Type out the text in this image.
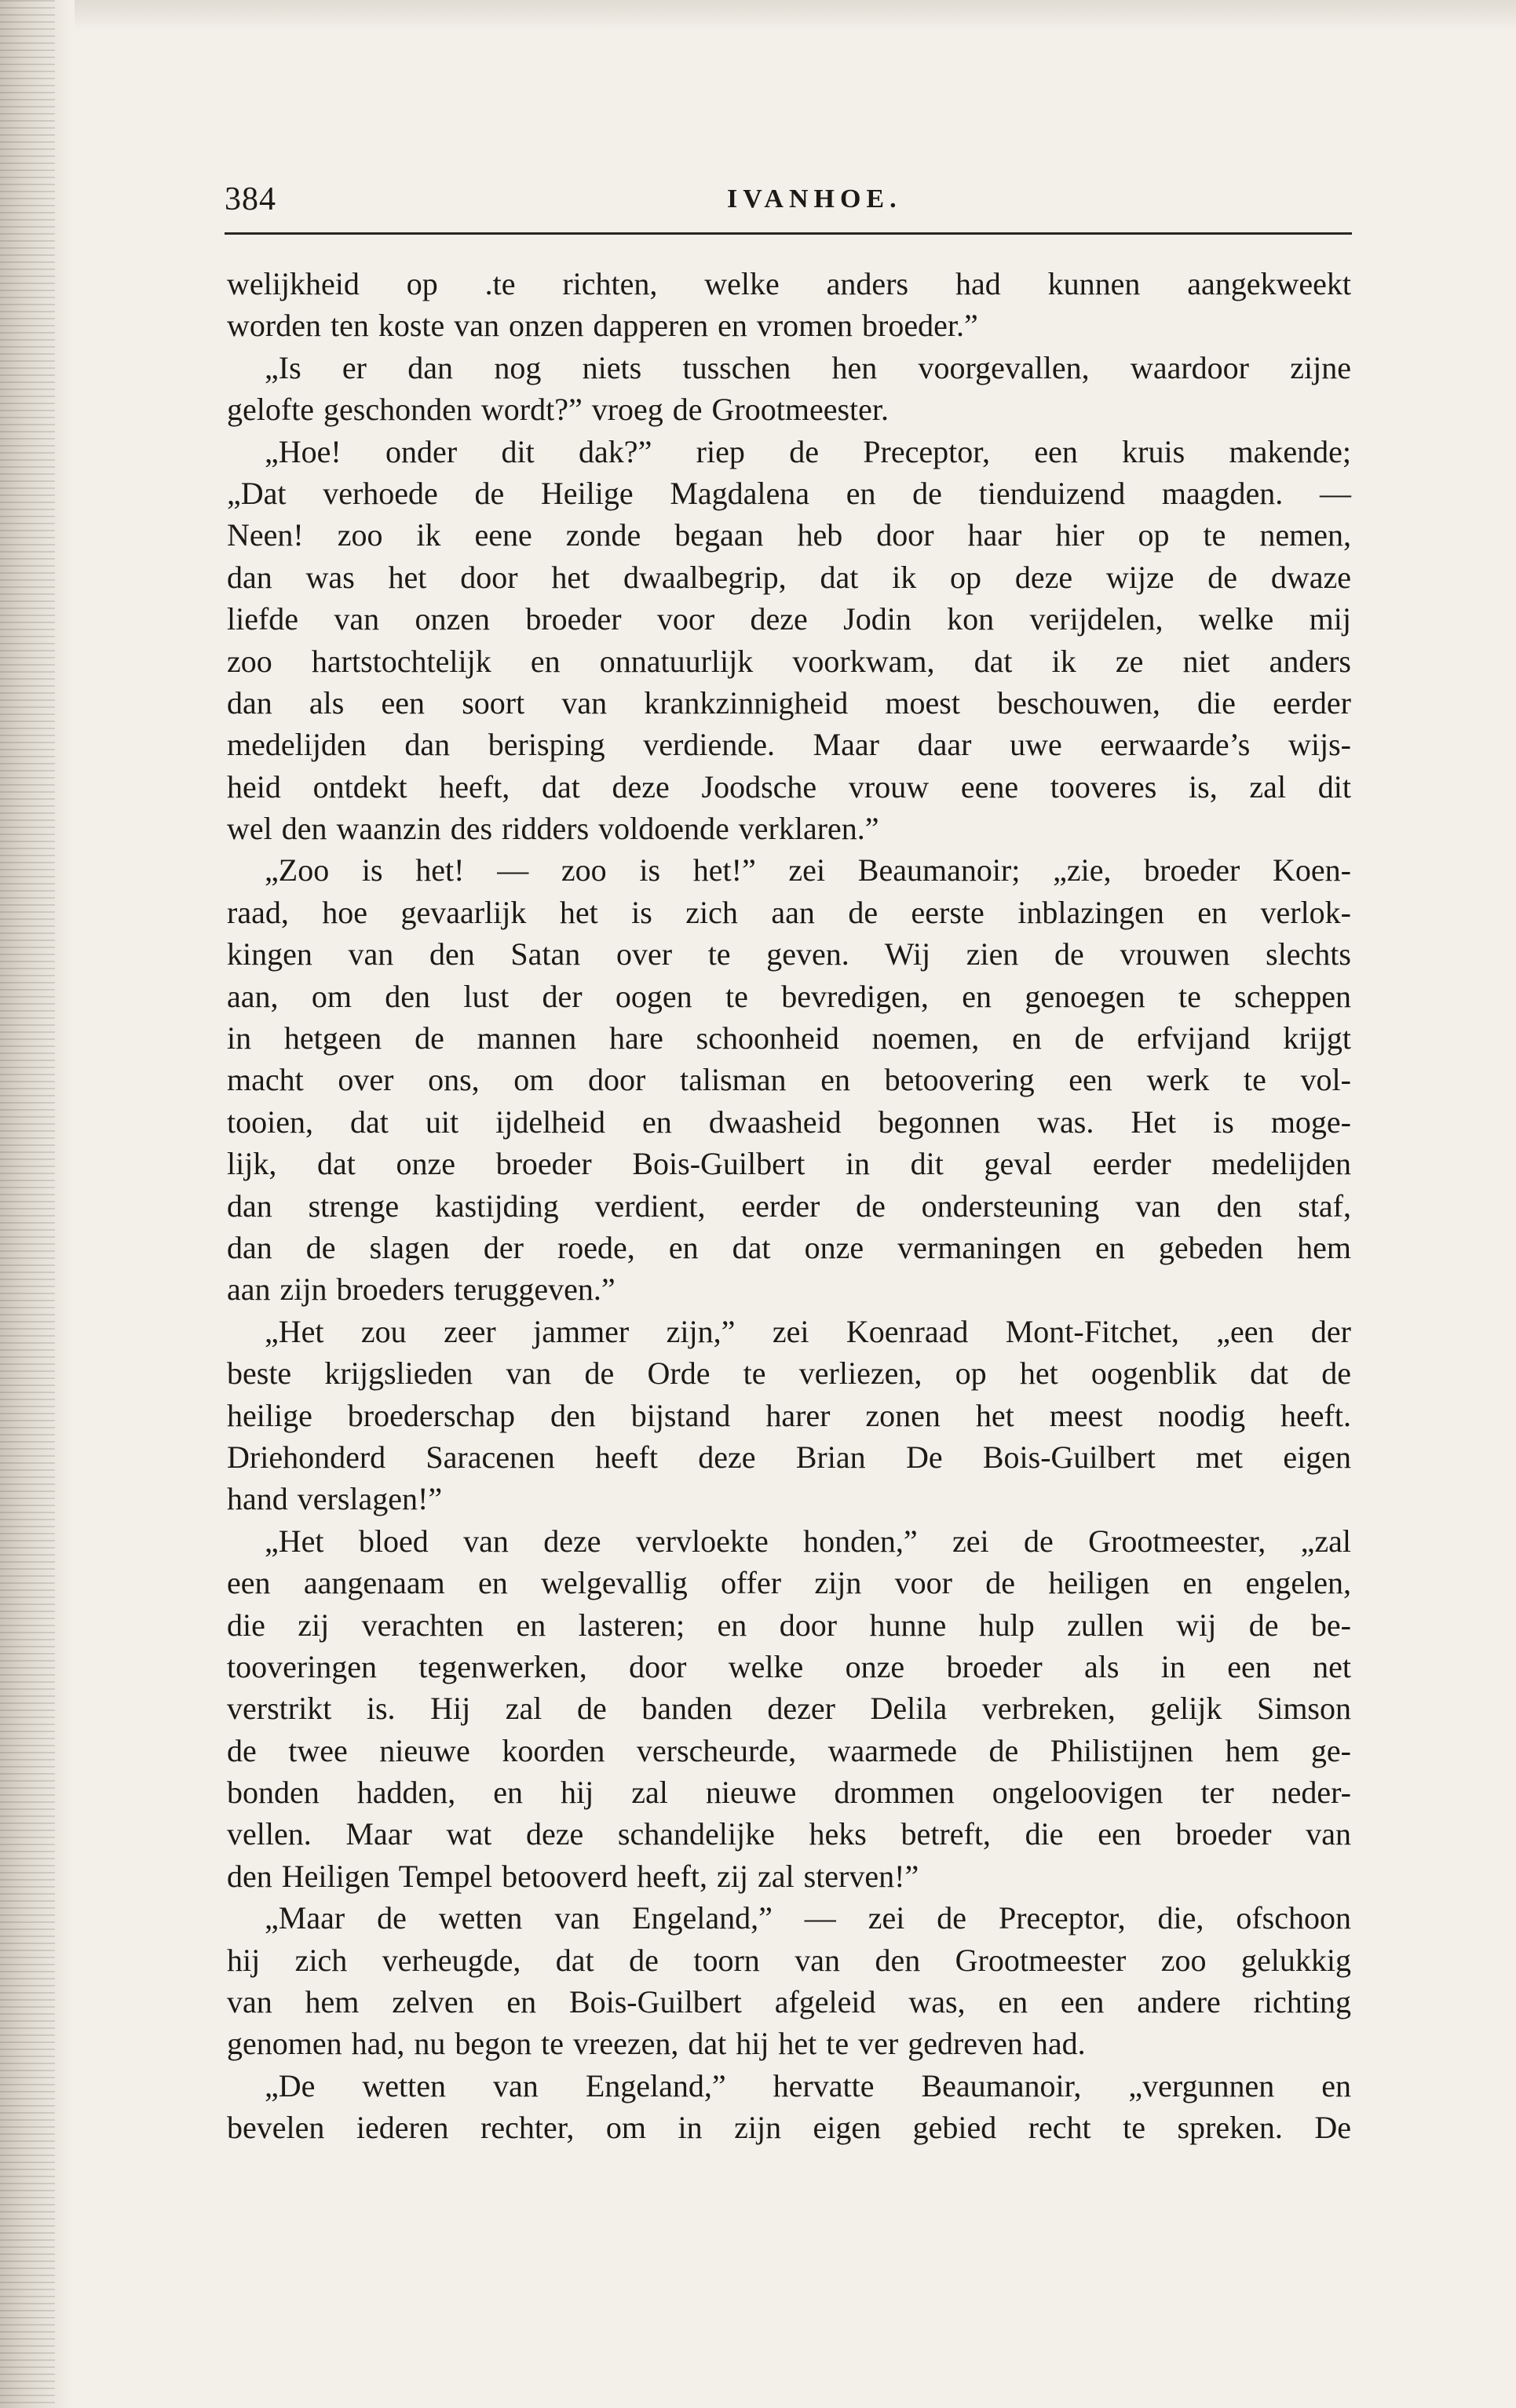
384	IVANHOE.
welijkheid op .te richten, welke anders had kunnen aangekweekt
worden ten koste van onzen dapperen en vromen broeder.”
„Is er dan nog niets tusschen hen voorgevallen, waardoor zijne
gelofte geschonden wordt?” vroeg de Grootmeester.
„Hoe! onder dit dak?” riep de Preceptor, een kruis makende;
„Dat verhoede de Heilige Magdalena en de tienduizend maagden. —
Neen! zoo ik eene zonde begaan heb door haar hier op te nemen,
dan was het door het dwaalbegrip, dat ik op deze wijze de dwaze
liefde van onzen broeder voor deze Jodin kon verijdelen, welke mij
zoo hartstochtelijk en onnatuurlijk voorkwam, dat ik ze niet anders
dan als een soort van krankzinnigheid moest beschouwen, die eerder
medelijden dan berisping verdiende. Maar daar uwe eerwaarde’s wijs-
heid ontdekt heeft, dat deze Joodsche vrouw eene tooveres is, zal dit
wel den waanzin des ridders voldoende verklaren.”
„Zoo is het! — zoo is het!” zei Beaumanoir; „zie, broeder Koen-
raad, hoe gevaarlijk het is zich aan de eerste inblazingen en verlok-
kingen van den Satan over te geven. Wij zien de vrouwen slechts
aan, om den lust der oogen te bevredigen, en genoegen te scheppen
in hetgeen de mannen hare schoonheid noemen, en de erfvijand krijgt
macht over ons, om door talisman en betoovering een werk te vol-
tooien, dat uit ijdelheid en dwaasheid begonnen was. Het is moge-
lijk, dat onze broeder Bois-Guilbert in dit geval eerder medelijden
dan strenge kastijding verdient, eerder de ondersteuning van den staf,
dan de slagen der roede, en dat onze vermaningen en gebeden hem
aan zijn broeders teruggeven.”
„Het zou zeer jammer zijn,” zei Koenraad Mont-Fitchet, „een der
beste krijgslieden van de Orde te verliezen, op het oogenblik dat de
heilige broederschap den bijstand harer zonen het meest noodig heeft.
Driehonderd Saracenen heeft deze Brian De Bois-Guilbert met eigen
hand verslagen!”
„Het bloed van deze vervloekte honden,” zei de Grootmeester, „zal
een aangenaam en welgevallig offer zijn voor de heiligen en engelen,
die zij verachten en lasteren; en door hunne hulp zullen wij de be-
tooveringen tegenwerken, door welke onze broeder als in een net
verstrikt is. Hij zal de banden dezer Delila verbreken, gelijk Simson
de twee nieuwe koorden verscheurde, waarmede de Philistijnen hem ge-
bonden hadden, en hij zal nieuwe drommen ongeloovigen ter neder-
vellen. Maar wat deze schandelijke heks betreft, die een broeder van
den Heiligen Tempel betooverd heeft, zij zal sterven!”
„Maar de wetten van Engeland,” — zei de Preceptor, die, ofschoon
hij zich verheugde, dat de toorn van den Grootmeester zoo gelukkig
van hem zelven en Bois-Guilbert afgeleid was, en een andere richting
genomen had, nu begon te vreezen, dat hij het te ver gedreven had.
„De wetten van Engeland,” hervatte Beaumanoir, „vergunnen en
bevelen iederen rechter, om in zijn eigen gebied recht te spreken. De
